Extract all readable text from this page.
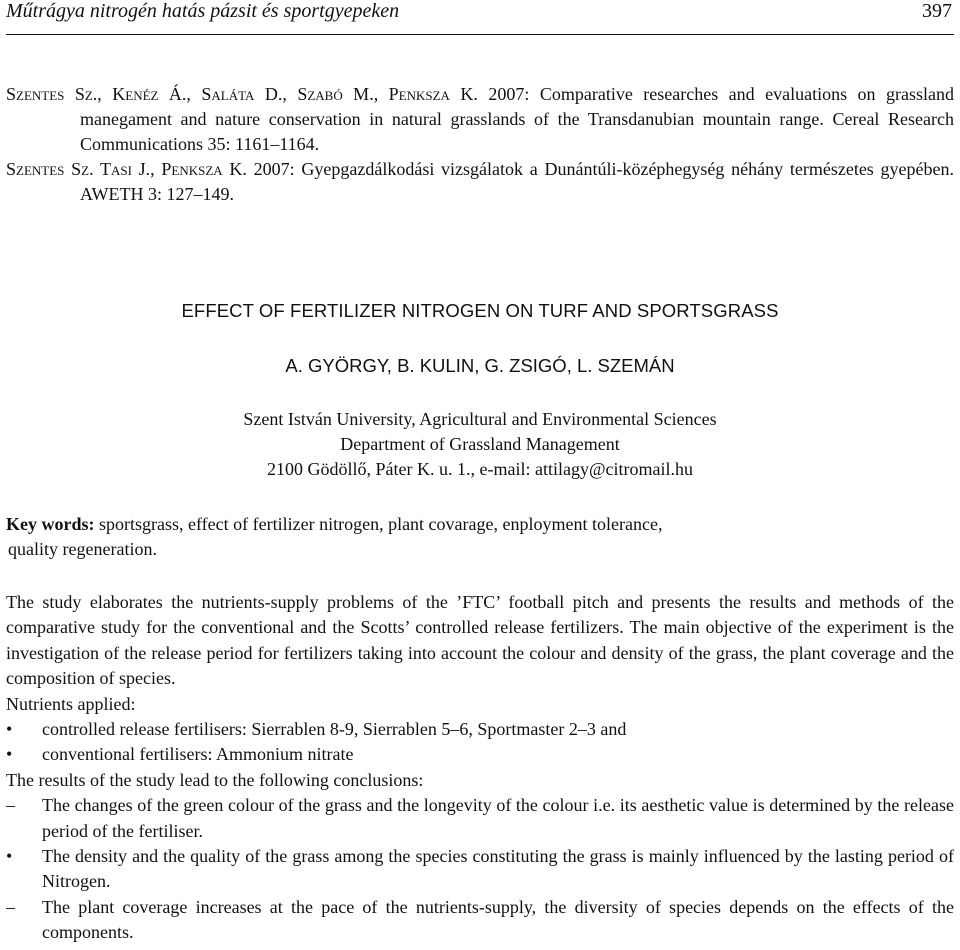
Műtrágya nitrogén hatás pázsit és sportgyepeken	397
Szentes Sz., Kenéz Á., Saláta D., Szabó M., Penksza K. 2007: Comparative researches and evaluations on grassland manegament and nature conservation in natural grasslands of the Transdanubian mountain range. Cereal Research Communications 35: 1161–1164.
Szentes Sz. Tasi J., Penksza K. 2007: Gyepgazdálkodási vizsgálatok a Dunántúli-középhegység néhány természetes gyepében. AWETH 3: 127–149.
EFFECT OF FERTILIZER NITROGEN ON TURF AND SPORTSGRASS
A. GYÖRGY, B. KULIN, G. ZSIGÓ, L. SZEMÁN
Szent István University, Agricultural and Environmental Sciences
Department of Grassland Management
2100 Gödöllő, Páter K. u. 1., e-mail: attilagy@citromail.hu
Key words: sportsgrass, effect of fertilizer nitrogen, plant covarage, enployment tolerance,
quality regeneration.

The study elaborates the nutrients-supply problems of the ’FTC’ football pitch and presents the results and methods of the comparative study for the conventional and the Scotts’ controlled release fertilizers. The main objective of the experiment is the investigation of the release period for fertilizers taking into account the colour and density of the grass, the plant coverage and the composition of species.

Nutrients applied:

•	controlled release fertilisers: Sierrablen 8-9, Sierrablen 5–6, Sportmaster 2–3 and
•	conventional fertilisers: Ammonium nitrate

The results of the study lead to the following conclusions:

–	The changes of the green colour of the grass and the longevity of the colour i.e. its aesthetic value is determined by the release period of the fertiliser.
•	The density and the quality of the grass among the species constituting the grass is mainly influenced by the lasting period of Nitrogen.
–	The plant coverage increases at the pace of the nutrients-supply, the diversity of species depends on the effects of the components.
